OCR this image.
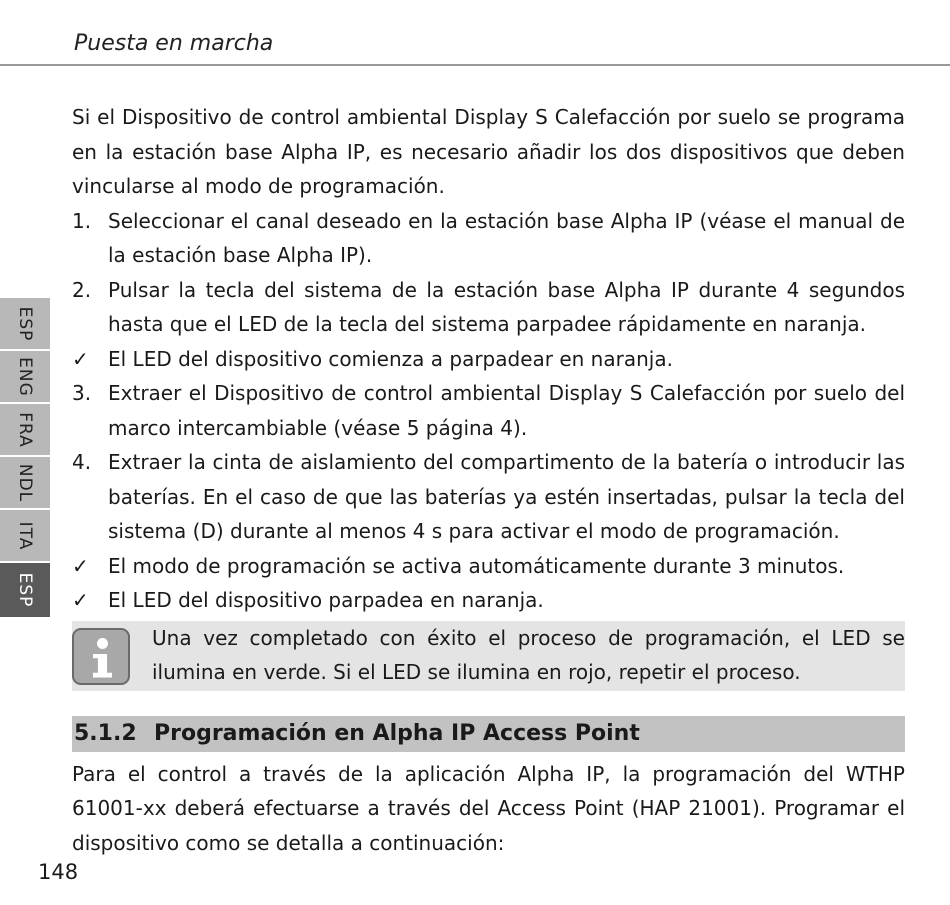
Puesta en marcha
ESP
ENG
FRA
NDL
ITA
ESP

Si el Dispositivo de control ambiental Display S Calefacción por suelo se programa en la estación base Alpha IP, es necesario añadir los dos dispositivos que deben vincularse al modo de programación.

1. Seleccionar el canal deseado en la estación base Alpha IP (véase el manual de la estación base Alpha IP).
2. Pulsar la tecla del sistema de la estación base Alpha IP durante 4 segundos hasta que el LED de la tecla del sistema parpadee rápidamente en naranja.
✓ El LED del dispositivo comienza a parpadear en naranja.
3. Extraer el Dispositivo de control ambiental Display S Calefacción por suelo del marco intercambiable (véase 5 página 4).
4. Extraer la cinta de aislamiento del compartimento de la batería o introducir las baterías. En el caso de que las baterías ya estén insertadas, pulsar la tecla del sistema (D) durante al menos 4 s para activar el modo de programación.
✓ El modo de programación se activa automáticamente durante 3 minutos.
✓ El LED del dispositivo parpadea en naranja.
Una vez completado con éxito el proceso de programación, el LED se ilumina en verde. Si el LED se ilumina en rojo, repetir el proceso.
5.1.2 Programación en Alpha IP Access Point

Para el control a través de la aplicación Alpha IP, la programación del WTHP 61001-xx deberá efectuarse a través del Access Point (HAP 21001). Programar el dispositivo como se detalla a continuación:

148
